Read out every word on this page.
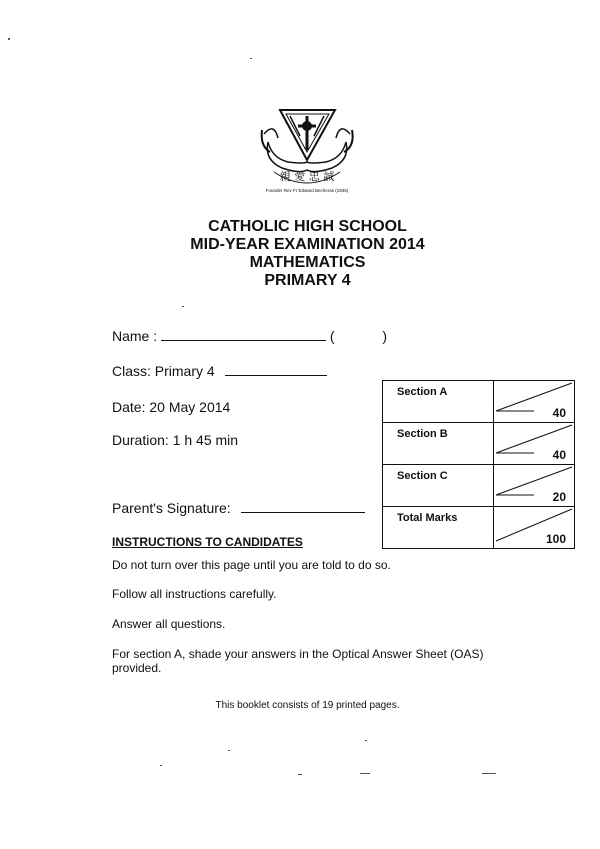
親 愛 忠 誠
Founder Rev Fr Edward Becheras (1935)
CATHOLIC HIGH SCHOOL
MID-YEAR EXAMINATION 2014
MATHEMATICS
PRIMARY 4
Name :	(	)
Class: Primary 4
Date: 20 May 2014
Duration: 1 h 45 min
Parent's Signature:
Section A	40

Section B	40

Section C	20

Total Marks	100
INSTRUCTIONS TO CANDIDATES
Do not turn over this page until you are told to do so.
Follow all instructions carefully.
Answer all questions.
For section A, shade your answers in the Optical Answer Sheet (OAS) provided.
This booklet consists of 19 printed pages.
